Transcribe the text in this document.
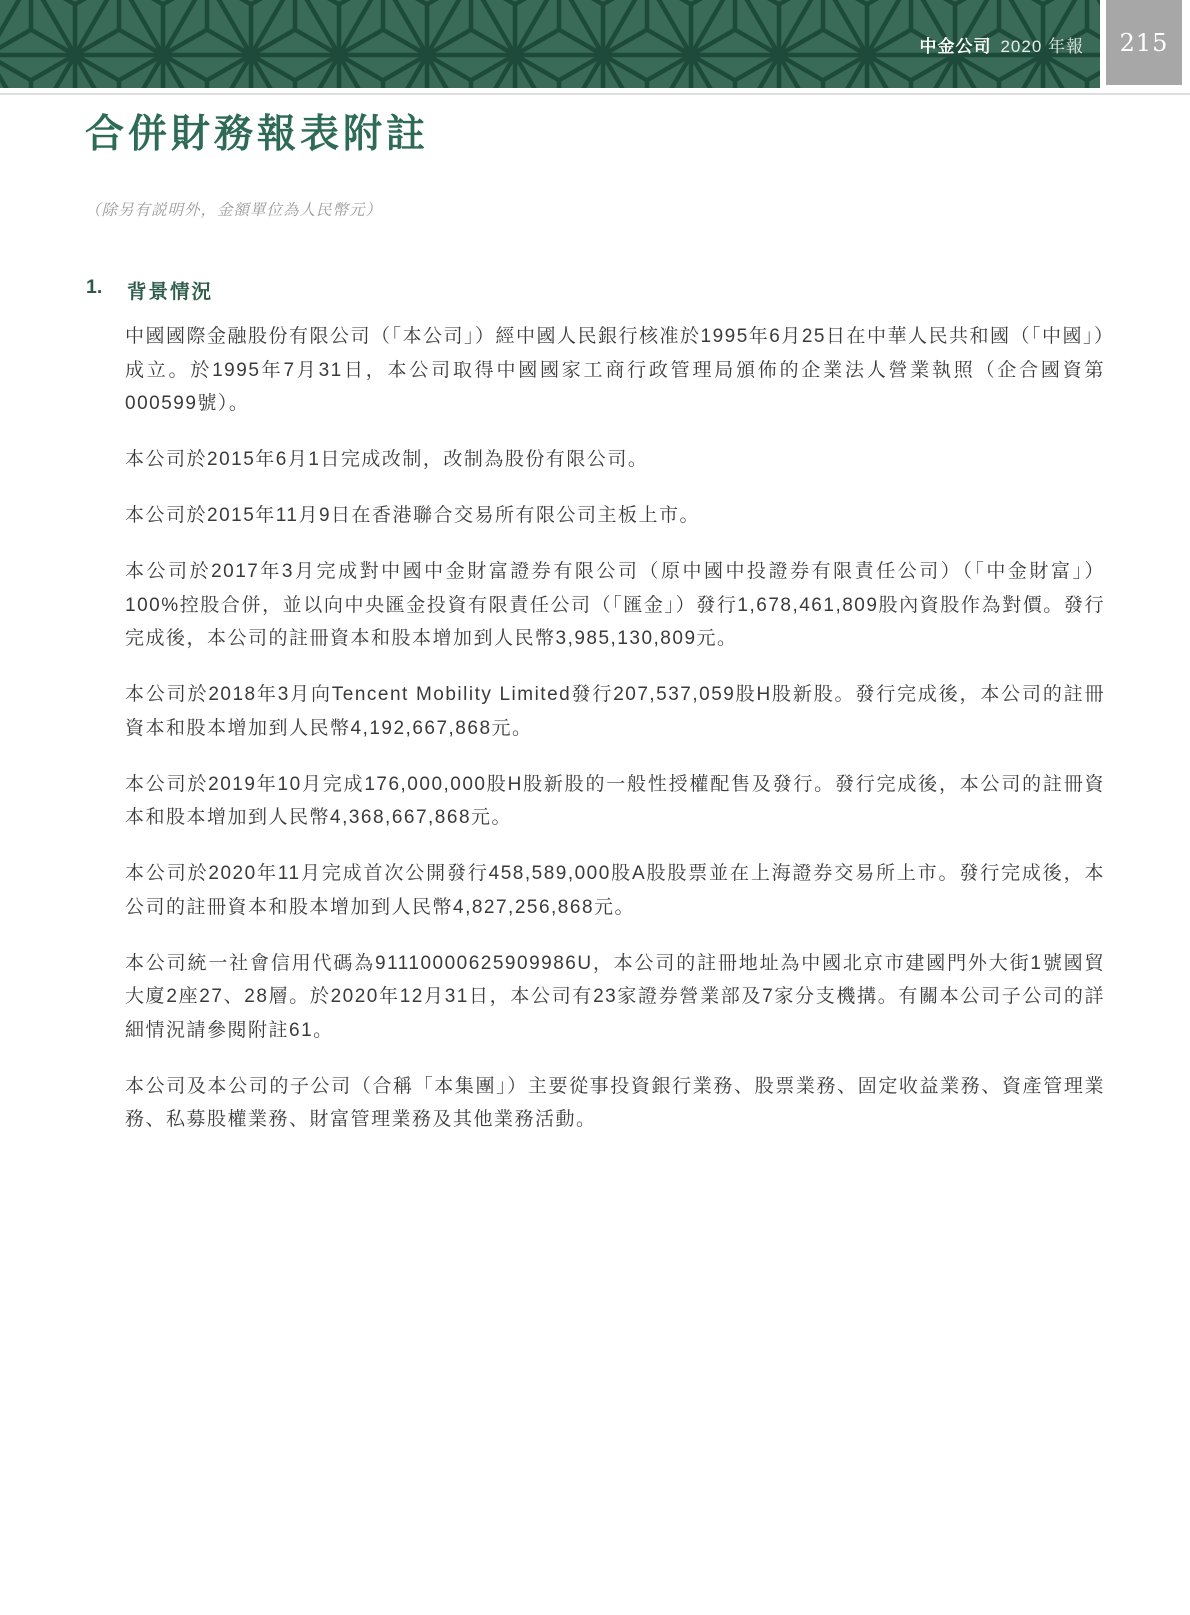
中金公司 2020 年報 215
合併財務報表附註

（除另有説明外，金額單位為人民幣元）

1. 背景情況

中國國際金融股份有限公司（「本公司」）經中國人民銀行核准於1995年6月25日在中華人民共和國（「中國」）成立。於1995年7月31日，本公司取得中國國家工商行政管理局頒佈的企業法人營業執照（企合國資第000599號）。

本公司於2015年6月1日完成改制，改制為股份有限公司。

本公司於2015年11月9日在香港聯合交易所有限公司主板上市。

本公司於2017年3月完成對中國中金財富證券有限公司（原中國中投證券有限責任公司）（「中金財富」）100%控股合併，並以向中央匯金投資有限責任公司（「匯金」）發行1,678,461,809股內資股作為對價。發行完成後，本公司的註冊資本和股本增加到人民幣3,985,130,809元。

本公司於2018年3月向Tencent Mobility Limited發行207,537,059股H股新股。發行完成後，本公司的註冊資本和股本增加到人民幣4,192,667,868元。

本公司於2019年10月完成176,000,000股H股新股的一般性授權配售及發行。發行完成後，本公司的註冊資本和股本增加到人民幣4,368,667,868元。

本公司於2020年11月完成首次公開發行458,589,000股A股股票並在上海證券交易所上市。發行完成後，本公司的註冊資本和股本增加到人民幣4,827,256,868元。

本公司統一社會信用代碼為91110000625909986U，本公司的註冊地址為中國北京市建國門外大街1號國貿大廈2座27、28層。於2020年12月31日，本公司有23家證券營業部及7家分支機搆。有關本公司子公司的詳細情況請參閱附註61。

本公司及本公司的子公司（合稱「本集團」）主要從事投資銀行業務、股票業務、固定收益業務、資產管理業務、私募股權業務、財富管理業務及其他業務活動。
